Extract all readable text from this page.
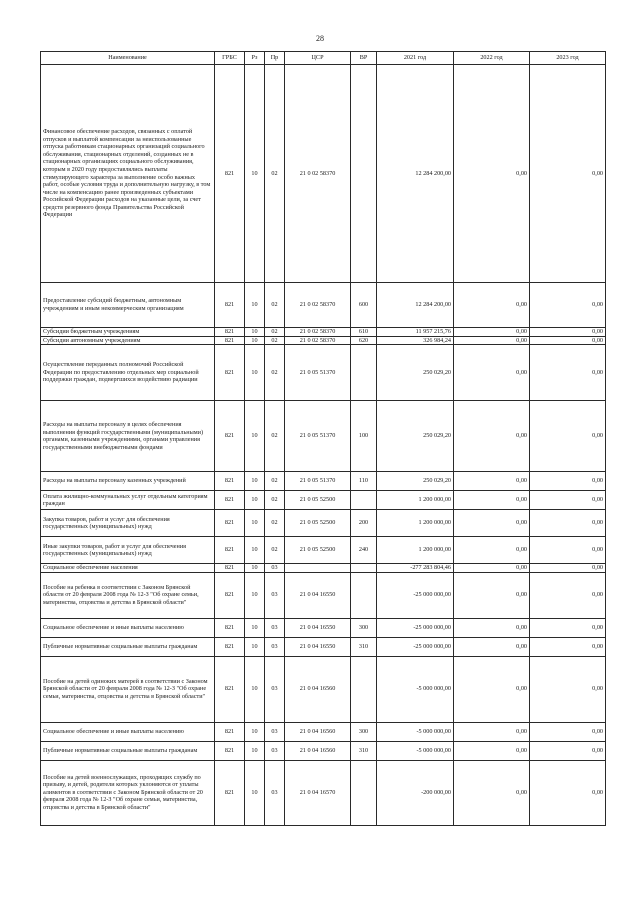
28
Наименование	ГРБС	Рз	Пр	ЦСР	ВР	2021 год	2022 год	2023 год
Финансовое обеспечение расходов, связанных с оплатой отпусков и выплатой компенсации за неиспользованные отпуска работникам стационарных организаций социального обслуживания, стационарных отделений, созданных не в стационарных организациях социального обслуживания, которым в 2020 году предоставлялись выплаты стимулирующего характера за выполнение особо важных работ, особые условия труда и дополнительную нагрузку, в том числе на компенсацию ранее произведенных субъектами Российской Федерации расходов на указанные цели, за счет средств резервного фонда Правительства Российской Федерации	821	10	02	21 0 02 58370		12 284 200,00	0,00	0,00
Предоставление субсидий бюджетным, автономным учреждениям и иным некоммерческим организациям	821	10	02	21 0 02 58370	600	12 284 200,00	0,00	0,00
Субсидии бюджетным учреждениям	821	10	02	21 0 02 58370	610	11 957 215,76	0,00	0,00
Субсидии автономным учреждениям	821	10	02	21 0 02 58370	620	326 984,24	0,00	0,00
Осуществление переданных полномочий Российской Федерации по предоставлению отдельных мер социальной поддержки граждан, подвергшихся воздействию радиации	821	10	02	21 0 05 51370		250 029,20	0,00	0,00
Расходы на выплаты персоналу в целях обеспечения выполнения функций государственными (муниципальными) органами, казенными учреждениями, органами управления государственными внебюджетными фондами	821	10	02	21 0 05 51370	100	250 029,20	0,00	0,00
Расходы на выплаты персоналу казенных учреждений	821	10	02	21 0 05 51370	110	250 029,20	0,00	0,00
Оплата жилищно-коммунальных услуг отдельным категориям граждан	821	10	02	21 0 05 52500		1 200 000,00	0,00	0,00
Закупка товаров, работ и услуг для обеспечения государственных (муниципальных) нужд	821	10	02	21 0 05 52500	200	1 200 000,00	0,00	0,00
Иные закупки товаров, работ и услуг для обеспечения государственных (муниципальных) нужд	821	10	02	21 0 05 52500	240	1 200 000,00	0,00	0,00
Социальное обеспечение населения	821	10	03			-277 283 804,46	0,00	0,00
Пособие на ребенка в соответствии с Законом Брянской области от 20 февраля 2008 года № 12-З "Об охране семьи, материнства, отцовства и детства в Брянской области"	821	10	03	21 0 04 16550		-25 000 000,00	0,00	0,00
Социальное обеспечение и иные выплаты населению	821	10	03	21 0 04 16550	300	-25 000 000,00	0,00	0,00
Публичные нормативные социальные выплаты гражданам	821	10	03	21 0 04 16550	310	-25 000 000,00	0,00	0,00
Пособие на детей одиноких матерей в соответствии с Законом Брянской области от 20 февраля 2008 года № 12-З "Об охране семьи, материнства, отцовства и детства в Брянской области"	821	10	03	21 0 04 16560		-5 000 000,00	0,00	0,00
Социальное обеспечение и иные выплаты населению	821	10	03	21 0 04 16560	300	-5 000 000,00	0,00	0,00
Публичные нормативные социальные выплаты гражданам	821	10	03	21 0 04 16560	310	-5 000 000,00	0,00	0,00
Пособие на детей военнослужащих, проходящих службу по призыву, и детей, родители которых уклоняются от уплаты алиментов в соответствии с Законом Брянской области от 20 февраля 2008 года № 12-З "Об охране семьи, материнства, отцовства и детства в Брянской области"	821	10	03	21 0 04 16570		-200 000,00	0,00	0,00
